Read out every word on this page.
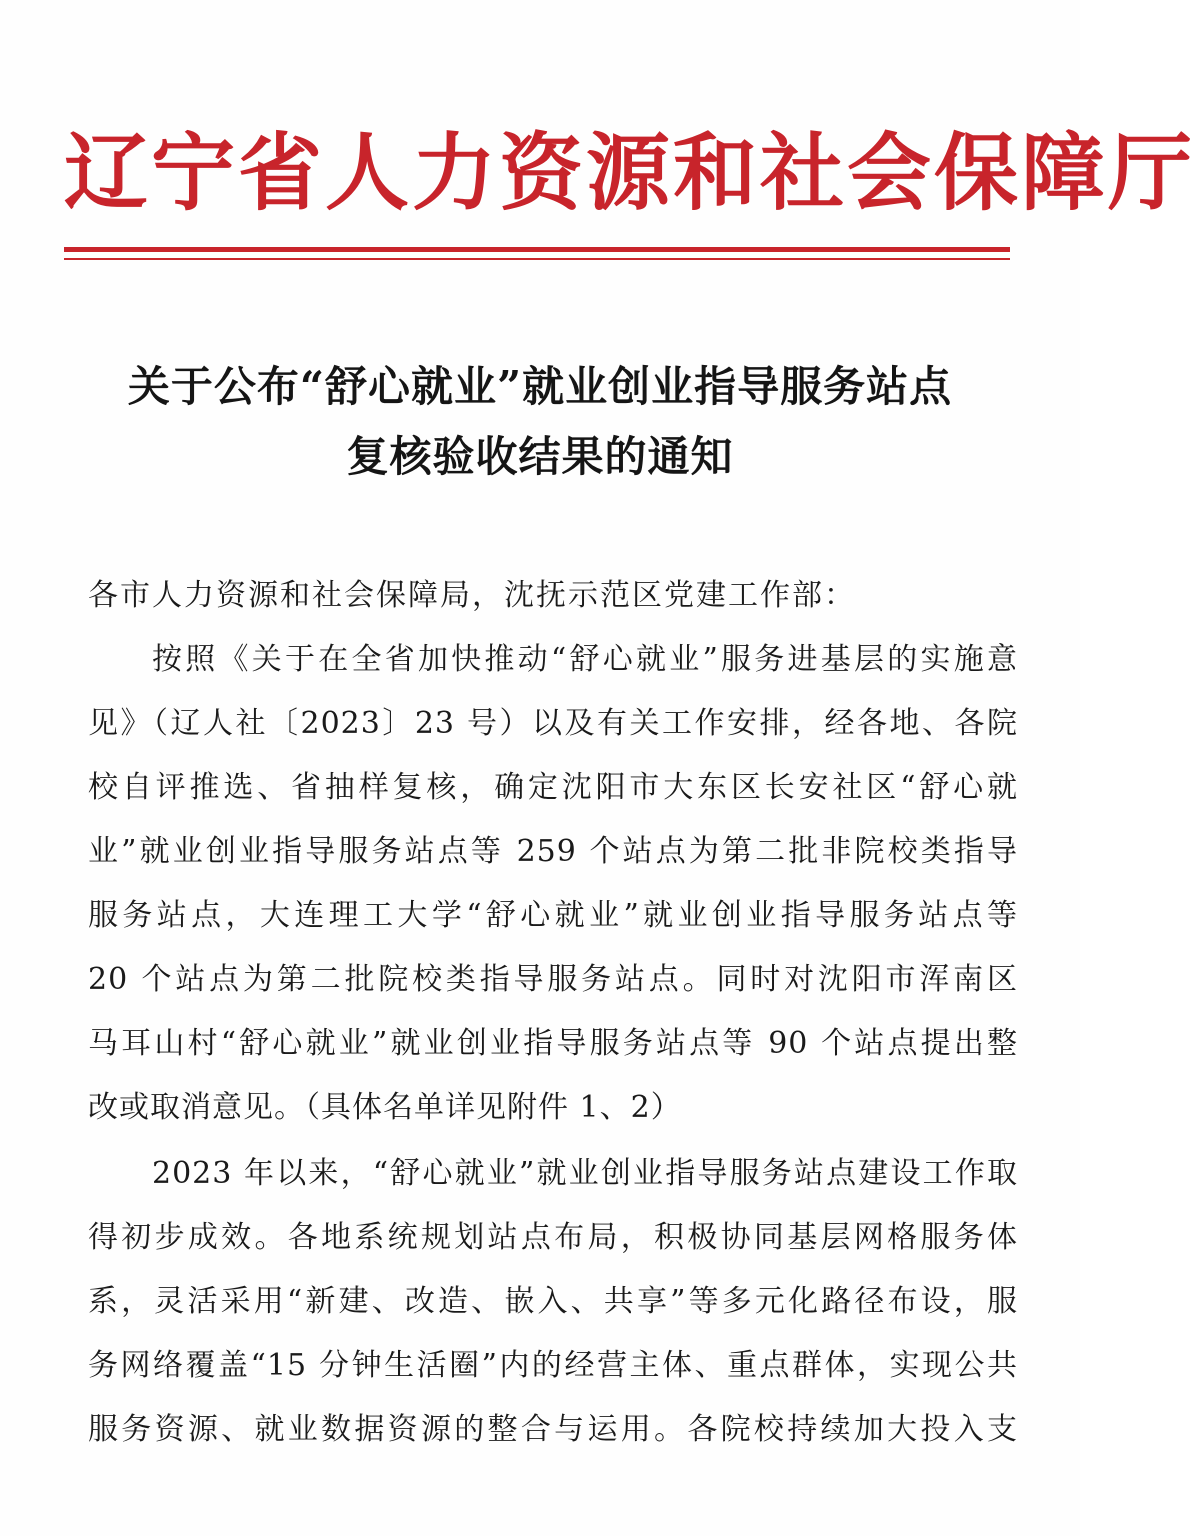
辽宁省人力资源和社会保障厅
关于公布“舒心就业”就业创业指导服务站点
复核验收结果的通知
各市人力资源和社会保障局，沈抚示范区党建工作部：
按照《关于在全省加快推动“舒心就业”服务进基层的实施意
见》（辽人社〔2023〕23 号）以及有关工作安排，经各地、各院
校自评推选、省抽样复核，确定沈阳市大东区长安社区“舒心就
业”就业创业指导服务站点等 259 个站点为第二批非院校类指导
服务站点，大连理工大学“舒心就业”就业创业指导服务站点等
20 个站点为第二批院校类指导服务站点。同时对沈阳市浑南区
马耳山村“舒心就业”就业创业指导服务站点等 90 个站点提出整
改或取消意见。（具体名单详见附件 1、2）
2023 年以来，“舒心就业”就业创业指导服务站点建设工作取
得初步成效。各地系统规划站点布局，积极协同基层网格服务体
系，灵活采用“新建、改造、嵌入、共享”等多元化路径布设，服
务网络覆盖“15 分钟生活圈”内的经营主体、重点群体，实现公共
服务资源、就业数据资源的整合与运用。各院校持续加大投入支
